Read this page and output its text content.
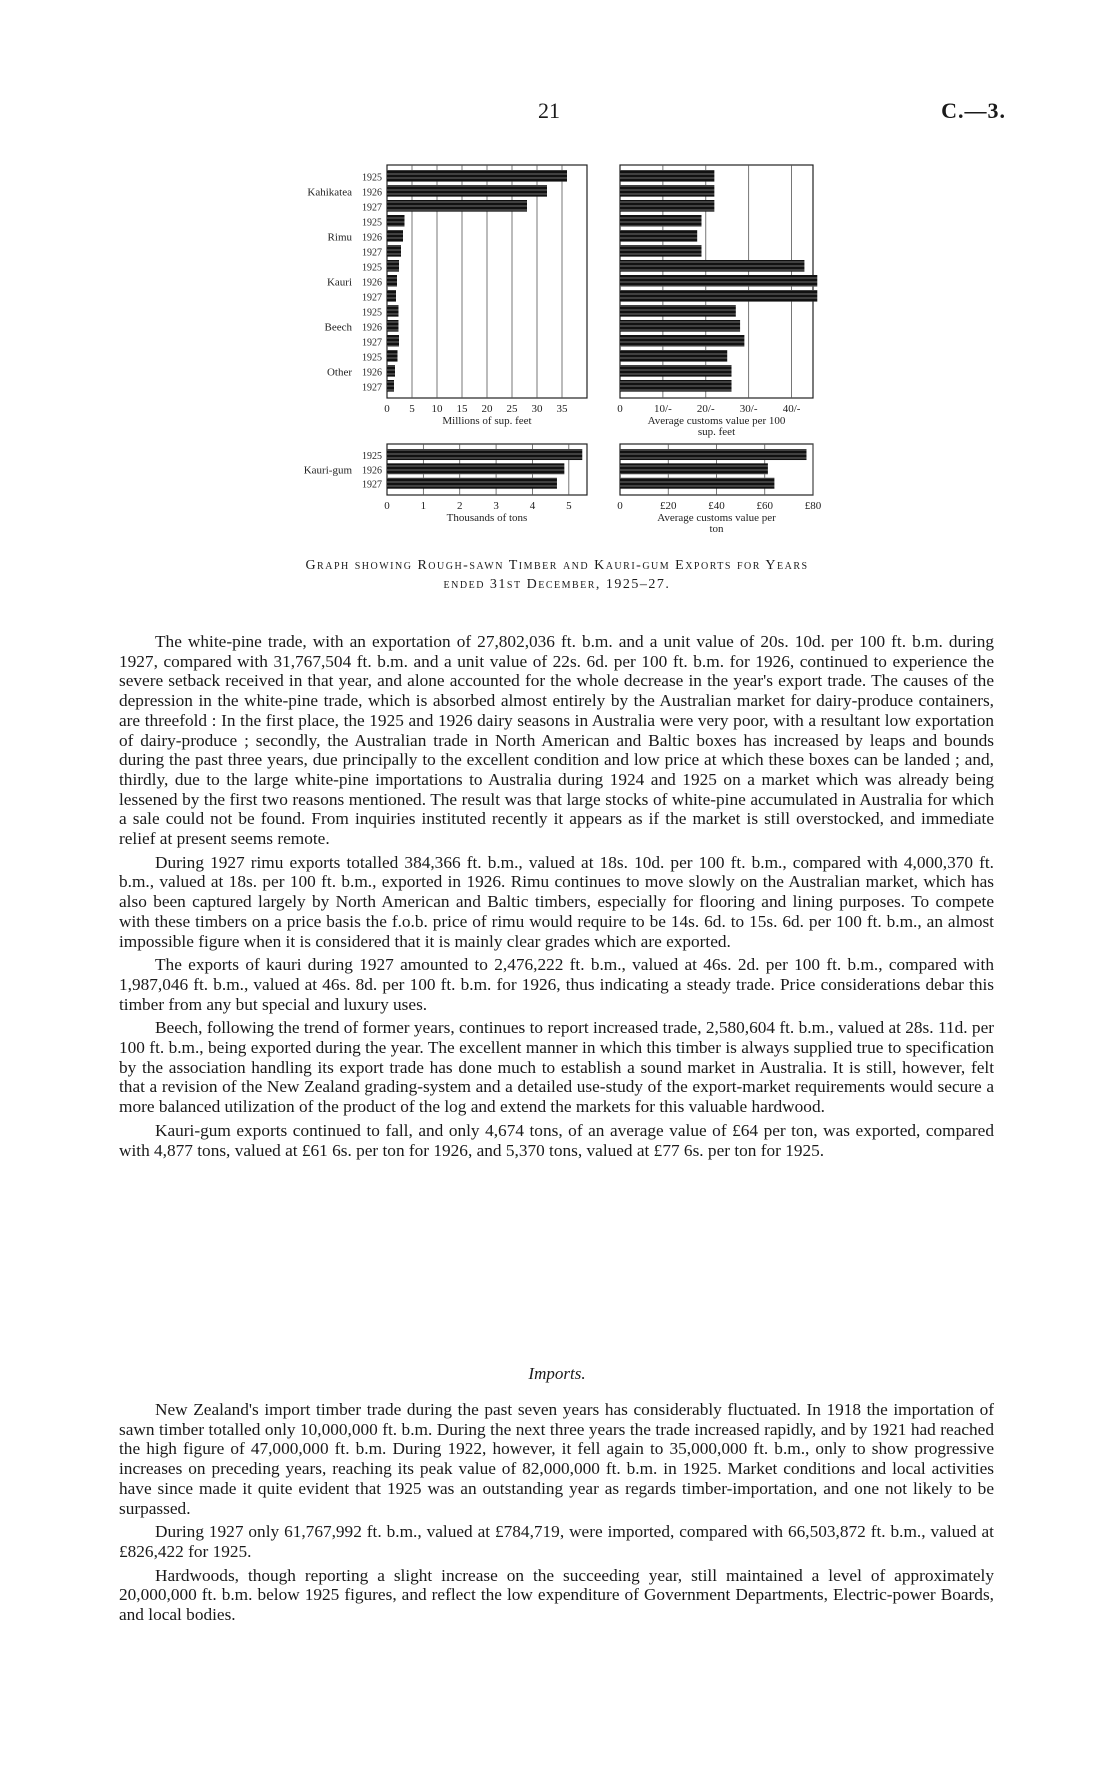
21	C.—3.
0 5 10 15 20 25 30 35
Millions of sup. feet
Kahikatea
1925
1926
1927
Rimu
1925
1926
1927
Kauri
1925
1926
1927
Beech
1925
1926
1927
Other
1925
1926
1927
0	10/- 20/- 30/- 40/-
Average customs value per 100
sup. feet
0	1	2	3	4	5
Thousands of tons
Kauri-gum
1925
1926
1927
0	£20	£40	£60	£80
Average customs value per
ton
Graph showing Rough-sawn Timber and Kauri-gum Exports for Years
ended 31st December, 1925–27.

The white-pine trade, with an exportation of 27,802,036 ft. b.m. and a unit value of 20s. 10d. per 100 ft. b.m. during 1927, compared with 31,767,504 ft. b.m. and a unit value of 22s. 6d. per 100 ft. b.m. for 1926, continued to experience the severe setback received in that year, and alone accounted for the whole decrease in the year's export trade. The causes of the depression in the white-pine trade, which is absorbed almost entirely by the Australian market for dairy-produce containers, are threefold : In the first place, the 1925 and 1926 dairy seasons in Australia were very poor, with a resultant low exportation of dairy-produce ; secondly, the Australian trade in North American and Baltic boxes has increased by leaps and bounds during the past three years, due principally to the excellent condition and low price at which these boxes can be landed ; and, thirdly, due to the large white-pine importations to Australia during 1924 and 1925 on a market which was already being lessened by the first two reasons mentioned. The result was that large stocks of white-pine accumulated in Australia for which a sale could not be found. From inquiries instituted recently it appears as if the market is still overstocked, and immediate relief at present seems remote.

During 1927 rimu exports totalled 384,366 ft. b.m., valued at 18s. 10d. per 100 ft. b.m., compared with 4,000,370 ft. b.m., valued at 18s. per 100 ft. b.m., exported in 1926. Rimu continues to move slowly on the Australian market, which has also been captured largely by North American and Baltic timbers, especially for flooring and lining purposes. To compete with these timbers on a price basis the f.o.b. price of rimu would require to be 14s. 6d. to 15s. 6d. per 100 ft. b.m., an almost impossible figure when it is considered that it is mainly clear grades which are exported.

The exports of kauri during 1927 amounted to 2,476,222 ft. b.m., valued at 46s. 2d. per 100 ft. b.m., compared with 1,987,046 ft. b.m., valued at 46s. 8d. per 100 ft. b.m. for 1926, thus indicating a steady trade. Price considerations debar this timber from any but special and luxury uses.

Beech, following the trend of former years, continues to report increased trade, 2,580,604 ft. b.m., valued at 28s. 11d. per 100 ft. b.m., being exported during the year. The excellent manner in which this timber is always supplied true to specification by the association handling its export trade has done much to establish a sound market in Australia. It is still, however, felt that a revision of the New Zealand grading-system and a detailed use-study of the export-market requirements would secure a more balanced utilization of the product of the log and extend the markets for this valuable hardwood.

Kauri-gum exports continued to fall, and only 4,674 tons, of an average value of £64 per ton, was exported, compared with 4,877 tons, valued at £61 6s. per ton for 1926, and 5,370 tons, valued at £77 6s. per ton for 1925.

Imports.

New Zealand's import timber trade during the past seven years has considerably fluctuated. In 1918 the importation of sawn timber totalled only 10,000,000 ft. b.m. During the next three years the trade increased rapidly, and by 1921 had reached the high figure of 47,000,000 ft. b.m. During 1922, however, it fell again to 35,000,000 ft. b.m., only to show progressive increases on preceding years, reaching its peak value of 82,000,000 ft. b.m. in 1925. Market conditions and local activities have since made it quite evident that 1925 was an outstanding year as regards timber-importation, and one not likely to be surpassed.

During 1927 only 61,767,992 ft. b.m., valued at £784,719, were imported, compared with 66,503,872 ft. b.m., valued at £826,422 for 1925.

Hardwoods, though reporting a slight increase on the succeeding year, still maintained a level of approximately 20,000,000 ft. b.m. below 1925 figures, and reflect the low expenditure of Government Departments, Electric-power Boards, and local bodies.
